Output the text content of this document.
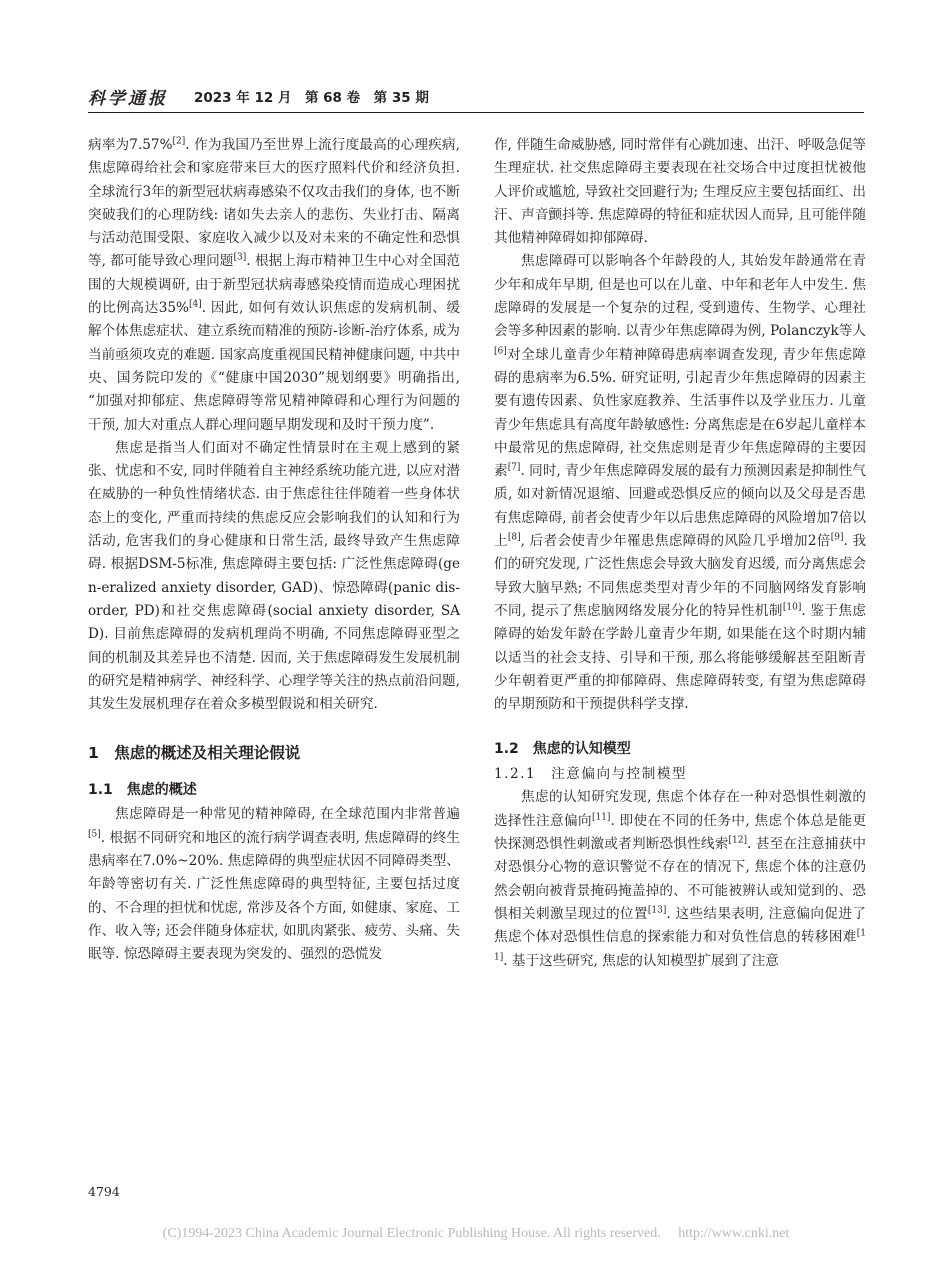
科学通报 2023 年 12 月　第 68 卷　第 35 期

病率为7.57%[2]. 作为我国乃至世界上流行度最高的心理疾病, 焦虑障碍给社会和家庭带来巨大的医疗照料代价和经济负担. 全球流行3年的新型冠状病毒感染不仅攻击我们的身体, 也不断突破我们的心理防线: 诸如失去亲人的悲伤、失业打击、隔离与活动范围受限、家庭收入减少以及对未来的不确定性和恐惧等, 都可能导致心理问题[3]. 根据上海市精神卫生中心对全国范围的大规模调研, 由于新型冠状病毒感染疫情而造成心理困扰的比例高达35%[4]. 因此, 如何有效认识焦虑的发病机制、缓解个体焦虑症状、建立系统而精准的预防-诊断-治疗体系, 成为当前亟须攻克的难题. 国家高度重视国民精神健康问题, 中共中央、国务院印发的《“健康中国2030”规划纲要》明确指出, “加强对抑郁症、焦虑障碍等常见精神障碍和心理行为问题的干预, 加大对重点人群心理问题早期发现和及时干预力度”.

焦虑是指当人们面对不确定性情景时在主观上感到的紧张、忧虑和不安, 同时伴随着自主神经系统功能亢进, 以应对潜在威胁的一种负性情绪状态. 由于焦虑往往伴随着一些身体状态上的变化, 严重而持续的焦虑反应会影响我们的认知和行为活动, 危害我们的身心健康和日常生活, 最终导致产生焦虑障碍. 根据DSM-5标准, 焦虑障碍主要包括: 广泛性焦虑障碍(gen-eralized anxiety disorder, GAD)、惊恐障碍(panic dis-order, PD)和社交焦虑障碍(social anxiety disorder, SAD). 目前焦虑障碍的发病机理尚不明确, 不同焦虑障碍亚型之间的机制及其差异也不清楚. 因而, 关于焦虑障碍发生发展机制的研究是精神病学、神经科学、心理学等关注的热点前沿问题, 其发生发展机理存在着众多模型假说和相关研究.

1　焦虑的概述及相关理论假说
1.1　焦虑的概述

焦虑障碍是一种常见的精神障碍, 在全球范围内非常普遍[5]. 根据不同研究和地区的流行病学调查表明, 焦虑障碍的终生患病率在7.0%~20%. 焦虑障碍的典型症状因不同障碍类型、年龄等密切有关. 广泛性焦虑障碍的典型特征, 主要包括过度的、不合理的担忧和忧虑, 常涉及各个方面, 如健康、家庭、工作、收入等; 还会伴随身体症状, 如肌肉紧张、疲劳、头痛、失眠等. 惊恐障碍主要表现为突发的、强烈的恐慌发

作, 伴随生命威胁感, 同时常伴有心跳加速、出汗、呼吸急促等生理症状. 社交焦虑障碍主要表现在社交场合中过度担忧被他人评价或尴尬, 导致社交回避行为; 生理反应主要包括面红、出汗、声音颤抖等. 焦虑障碍的特征和症状因人而异, 且可能伴随其他精神障碍如抑郁障碍.

焦虑障碍可以影响各个年龄段的人, 其始发年龄通常在青少年和成年早期, 但是也可以在儿童、中年和老年人中发生. 焦虑障碍的发展是一个复杂的过程, 受到遗传、生物学、心理社会等多种因素的影响. 以青少年焦虑障碍为例, Polanczyk等人[6]对全球儿童青少年精神障碍患病率调查发现, 青少年焦虑障碍的患病率为6.5%. 研究证明, 引起青少年焦虑障碍的因素主要有遗传因素、负性家庭教养、生活事件以及学业压力. 儿童青少年焦虑具有高度年龄敏感性: 分离焦虑是在6岁起儿童样本中最常见的焦虑障碍, 社交焦虑则是青少年焦虑障碍的主要因素[7]. 同时, 青少年焦虑障碍发展的最有力预测因素是抑制性气质, 如对新情况退缩、回避或恐惧反应的倾向以及父母是否患有焦虑障碍, 前者会使青少年以后患焦虑障碍的风险增加7倍以上[8], 后者会使青少年罹患焦虑障碍的风险几乎增加2倍[9]. 我们的研究发现, 广泛性焦虑会导致大脑发育迟缓, 而分离焦虑会导致大脑早熟; 不同焦虑类型对青少年的不同脑网络发育影响不同, 提示了焦虑脑网络发展分化的特异性机制[10]. 鉴于焦虑障碍的始发年龄在学龄儿童青少年期, 如果能在这个时期内辅以适当的社会支持、引导和干预, 那么将能够缓解甚至阻断青少年朝着更严重的抑郁障碍、焦虑障碍转变, 有望为焦虑障碍的早期预防和干预提供科学支撑.

1.2　焦虑的认知模型
1.2.1　注意偏向与控制模型

焦虑的认知研究发现, 焦虑个体存在一种对恐惧性刺激的选择性注意偏向[11]. 即使在不同的任务中, 焦虑个体总是能更快探测恐惧性刺激或者判断恐惧性线索[12]. 甚至在注意捕获中对恐惧分心物的意识警觉不存在的情况下, 焦虑个体的注意仍然会朝向被背景掩码掩盖掉的、不可能被辨认或知觉到的、恐惧相关刺激呈现过的位置[13]. 这些结果表明, 注意偏向促进了焦虑个体对恐惧性信息的探索能力和对负性信息的转移困难[11]. 基于这些研究, 焦虑的认知模型扩展到了注意

4794
(C)1994-2023 China Academic Journal Electronic Publishing House. All rights reserved.　 http://www.cnki.net
